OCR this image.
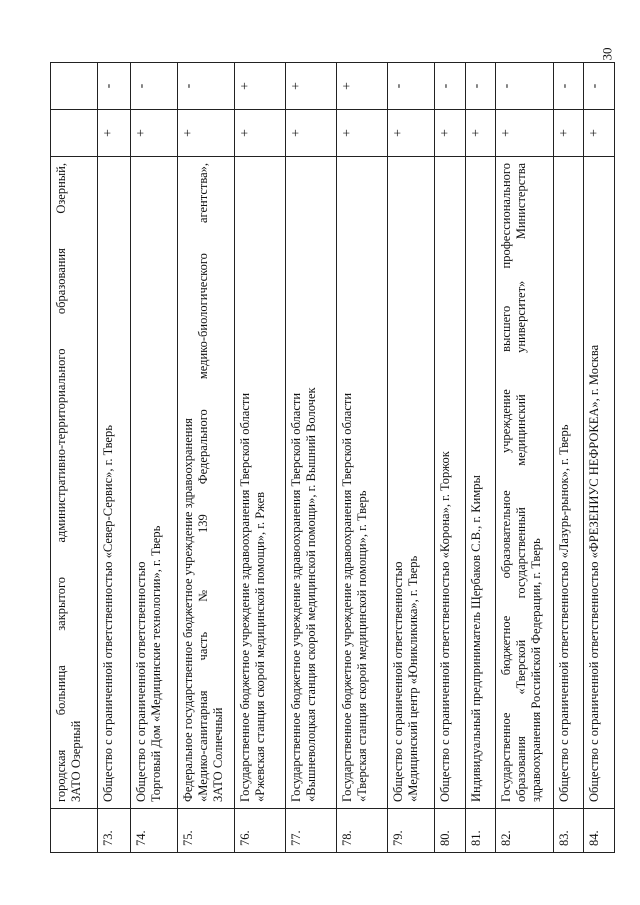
30

	городская больница закрытого административно-территориального образования Озерный, ЗАТО Озерный		

73.	Общество с ограниченной ответственностью «Север-Сервис», г. Тверь	+	-
74.	Общество с ограниченной ответственностью Торговый Дом «Медицинские технологии», г. Тверь	+	-
75.	Федеральное государственное бюджетное учреждение здравоохранения «Медико-санитарная часть № 139 Федерального медико-биологического агентства», ЗАТО Солнечный	+	-
76.	Государственное бюджетное учреждение здравоохранения Тверской области «Ржевская станция скорой медицинской помощи», г. Ржев	+	+
77.	Государственное бюджетное учреждение здравоохранения Тверской области «Вышневолоцкая станция скорой медицинской помощи», г. Вышний Волочек	+	+
78.	Государственное бюджетное учреждение здравоохранения Тверской области «Тверская станция скорой медицинской помощи», г. Тверь	+	+
79.	Общество с ограниченной ответственностью «Медицинский центр «Юникликика», г. Тверь	+	-
80.	Общество с ограниченной ответственностью «Корона», г. Торжок	+	-
81.	Индивидуальный предприниматель Щербаков С.В., г. Кимры	+	-
82.	Государственное бюджетное образовательное учреждение высшего профессионального образования «Тверской государственный медицинский университет» Министерства здравоохранения Российской Федерации, г. Тверь	+	-
83.	Общество с ограниченной ответственностью «Лазурь-рынок», г. Тверь	+	-
84.	Общество с ограниченной ответственностью «ФРЕЗЕНИУС НЕФРОКЕА», г. Москва	+	-
